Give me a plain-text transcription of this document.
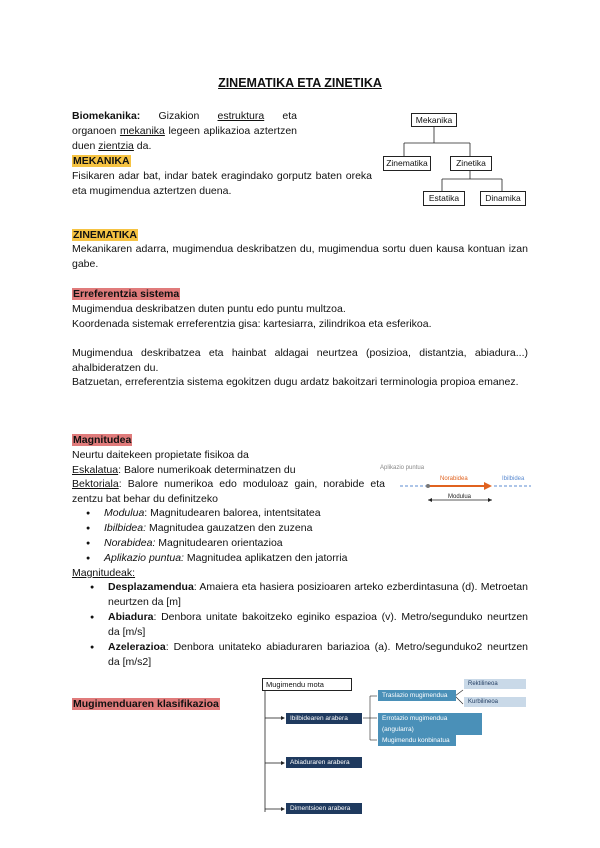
ZINEMATIKA ETA ZINETIKA
Biomekanika: Gizakion estruktura eta organoen mekanika legeen aplikazioa aztertzen duen zientzia da.
Mekanika
Zinematika	Zinetika
Estatika	Dinamika
MEKANIKA
Fisikaren adar bat, indar batek eragindako gorputz baten oreka eta mugimendua aztertzen duena.
ZINEMATIKA
Mekanikaren adarra, mugimendua deskribatzen du, mugimendua sortu duen kausa kontuan izan gabe.
Erreferentzia sistema
Mugimendua deskribatzen duten puntu edo puntu multzoa.
Koordenada sistemak erreferentzia gisa: kartesiarra, zilindrikoa eta esferikoa.
Mugimendua deskribatzea eta hainbat aldagai neurtzea (posizioa, distantzia, abiadura...) ahalbideratzen du.
Batzuetan, erreferentzia sistema egokitzen dugu ardatz bakoitzari terminologia propioa emanez.
Magnitudea
Neurtu daitekeen propietate fisikoa da
Eskalatua: Balore numerikoak determinatzen du
Bektoriala: Balore numerikoa edo moduloaz gain, norabide eta zentzu bat behar du definitzeko
Aplikazio puntua
Norabidea	Ibilbidea
Modulua
● Modulua: Magnitudearen balorea, intentsitatea
● Ibilbidea: Magnitudea gauzatzen den zuzena
● Norabidea: Magnitudearen orientazioa
● Aplikazio puntua: Magnitudea aplikatzen den jatorria
Magnitudeak:
● Desplazamendua: Amaiera eta hasiera posizioaren arteko ezberdintasuna (d). Metroetan neurtzen da [m]
● Abiadura: Denbora unitate bakoitzeko eginiko espazioa (v). Metro/segunduko neurtzen da [m/s]
● Azelerazioa: Denbora unitateko abiaduraren bariazioa (a). Metro/segunduko2 neurtzen da [m/s2]
Mugimenduaren klasifikazioa
Mugimendu mota
Ibilbidearen arabera
Abiaduraren arabera
Dimentsioen arabera
Traslazio mugimendua
Errotazio mugimendua (angularra)
Mugimendu konbinatua
Rektilineoa
Kurbilineoa
